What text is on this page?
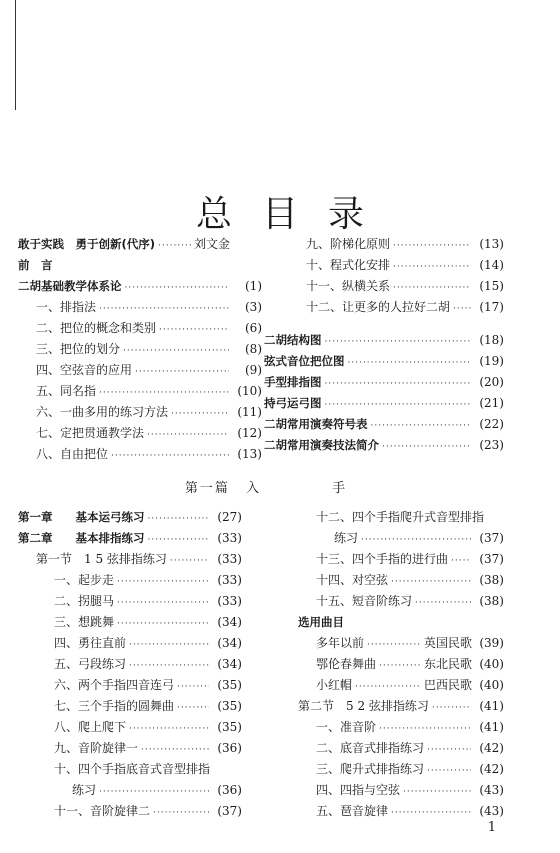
总目录
敢于实践　勇于创新(代序) ·····	刘文金
前　言
二胡基础教学体系论 ·····	(1)
一、排指法 ·····	(3)
二、把位的概念和类别 ·····	(6)
三、把位的划分 ·····	(8)
四、空弦音的应用 ·····	(9)
五、同名指 ·····	(10)
六、一曲多用的练习方法 ·····	(11)
七、定把贯通教学法 ·····	(12)
八、自由把位 ·····	(13)
九、阶梯化原则 ·····	(13)
十、程式化安排 ·····	(14)
十一、纵横关系 ·····	(15)
十二、让更多的人拉好二胡 ·····	(17)
二胡结构图 ·····	(18)
弦式音位把位图 ·····	(19)
手型排指图 ·····	(20)
持弓运弓图 ·····	(21)
二胡常用演奏符号表 ·····	(22)
二胡常用演奏技法简介 ·····	(23)
第一篇 入　手
第一章　　基本运弓练习 ·····	(27)
第二章　　基本排指练习 ·····	(33)
第一节　1 5 弦排指练习 ·····	(33)
一、起步走 ·····	(33)
二、拐腿马 ·····	(33)
三、想跳舞 ·····	(34)
四、勇往直前 ·····	(34)
五、弓段练习 ·····	(34)
六、两个手指四音连弓 ·····	(35)
七、三个手指的圆舞曲 ·····	(35)
八、爬上爬下 ·····	(35)
九、音阶旋律一 ·····	(36)
十、四个手指底音式音型排指
练习 ·····	(36)
十一、音阶旋律二 ·····	(37)
十二、四个手指爬升式音型排指
练习 ·····	(37)
十三、四个手指的进行曲 ·····	(37)
十四、对空弦 ·····	(38)
十五、短音阶练习 ·····	(38)
选用曲目
多年以前 ·····	英国民歌 (39)
鄂伦春舞曲 ·····	东北民歌 (40)
小红帽 ·····	巴西民歌 (40)
第二节　5 2 弦排指练习 ·····	(41)
一、准音阶 ·····	(41)
二、底音式排指练习 ·····	(42)
三、爬升式排指练习 ·····	(42)
四、四指与空弦 ·····	(43)
五、琶音旋律 ·····	(43)
1
